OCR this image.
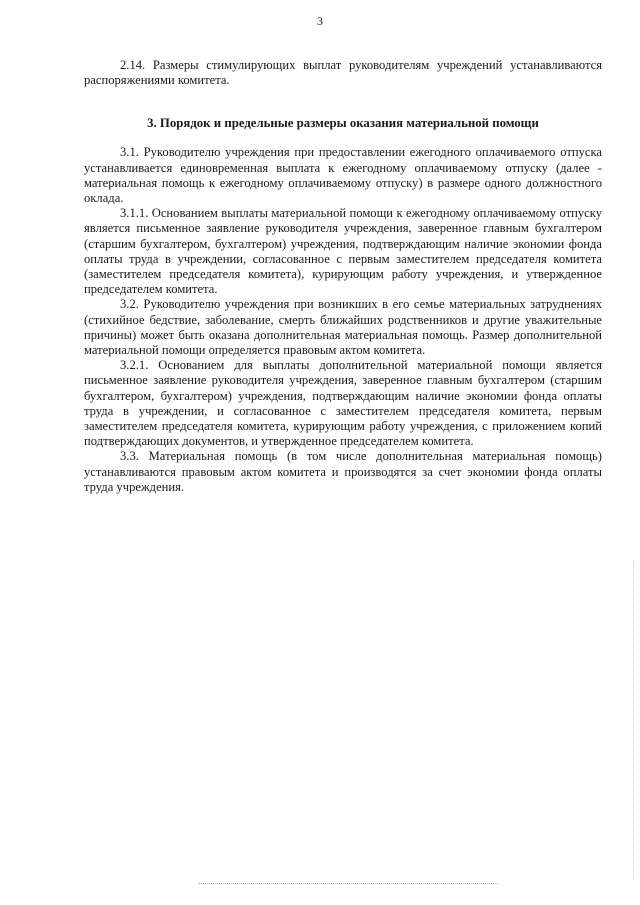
3

2.14. Размеры стимулирующих выплат руководителям учреждений устанавливаются распоряжениями комитета.

3. Порядок и предельные размеры оказания материальной помощи

3.1. Руководителю учреждения при предоставлении ежегодного оплачиваемого отпуска устанавливается единовременная выплата к ежегодному оплачиваемому отпуску (далее - материальная помощь к ежегодному оплачиваемому отпуску) в размере одного должностного оклада.

3.1.1. Основанием выплаты материальной помощи к ежегодному оплачиваемому отпуску является письменное заявление руководителя учреждения, заверенное главным бухгалтером (старшим бухгалтером, бухгалтером) учреждения, подтверждающим наличие экономии фонда оплаты труда в учреждении, согласованное с первым заместителем председателя комитета (заместителем председателя комитета), курирующим работу учреждения, и утвержденное председателем комитета.

3.2. Руководителю учреждения при возникших в его семье материальных затруднениях (стихийное бедствие, заболевание, смерть ближайших родственников и другие уважительные причины) может быть оказана дополнительная материальная помощь. Размер дополнительной материальной помощи определяется правовым актом комитета.

3.2.1. Основанием для выплаты дополнительной материальной помощи является письменное заявление руководителя учреждения, заверенное главным бухгалтером (старшим бухгалтером, бухгалтером) учреждения, подтверждающим наличие экономии фонда оплаты труда в учреждении, и согласованное с заместителем председателя комитета, первым заместителем председателя комитета, курирующим работу учреждения, с приложением копий подтверждающих документов, и утвержденное председателем комитета.

3.3. Материальная помощь (в том числе дополнительная материальная помощь) устанавливаются правовым актом комитета и производятся за счет экономии фонда оплаты труда учреждения.
